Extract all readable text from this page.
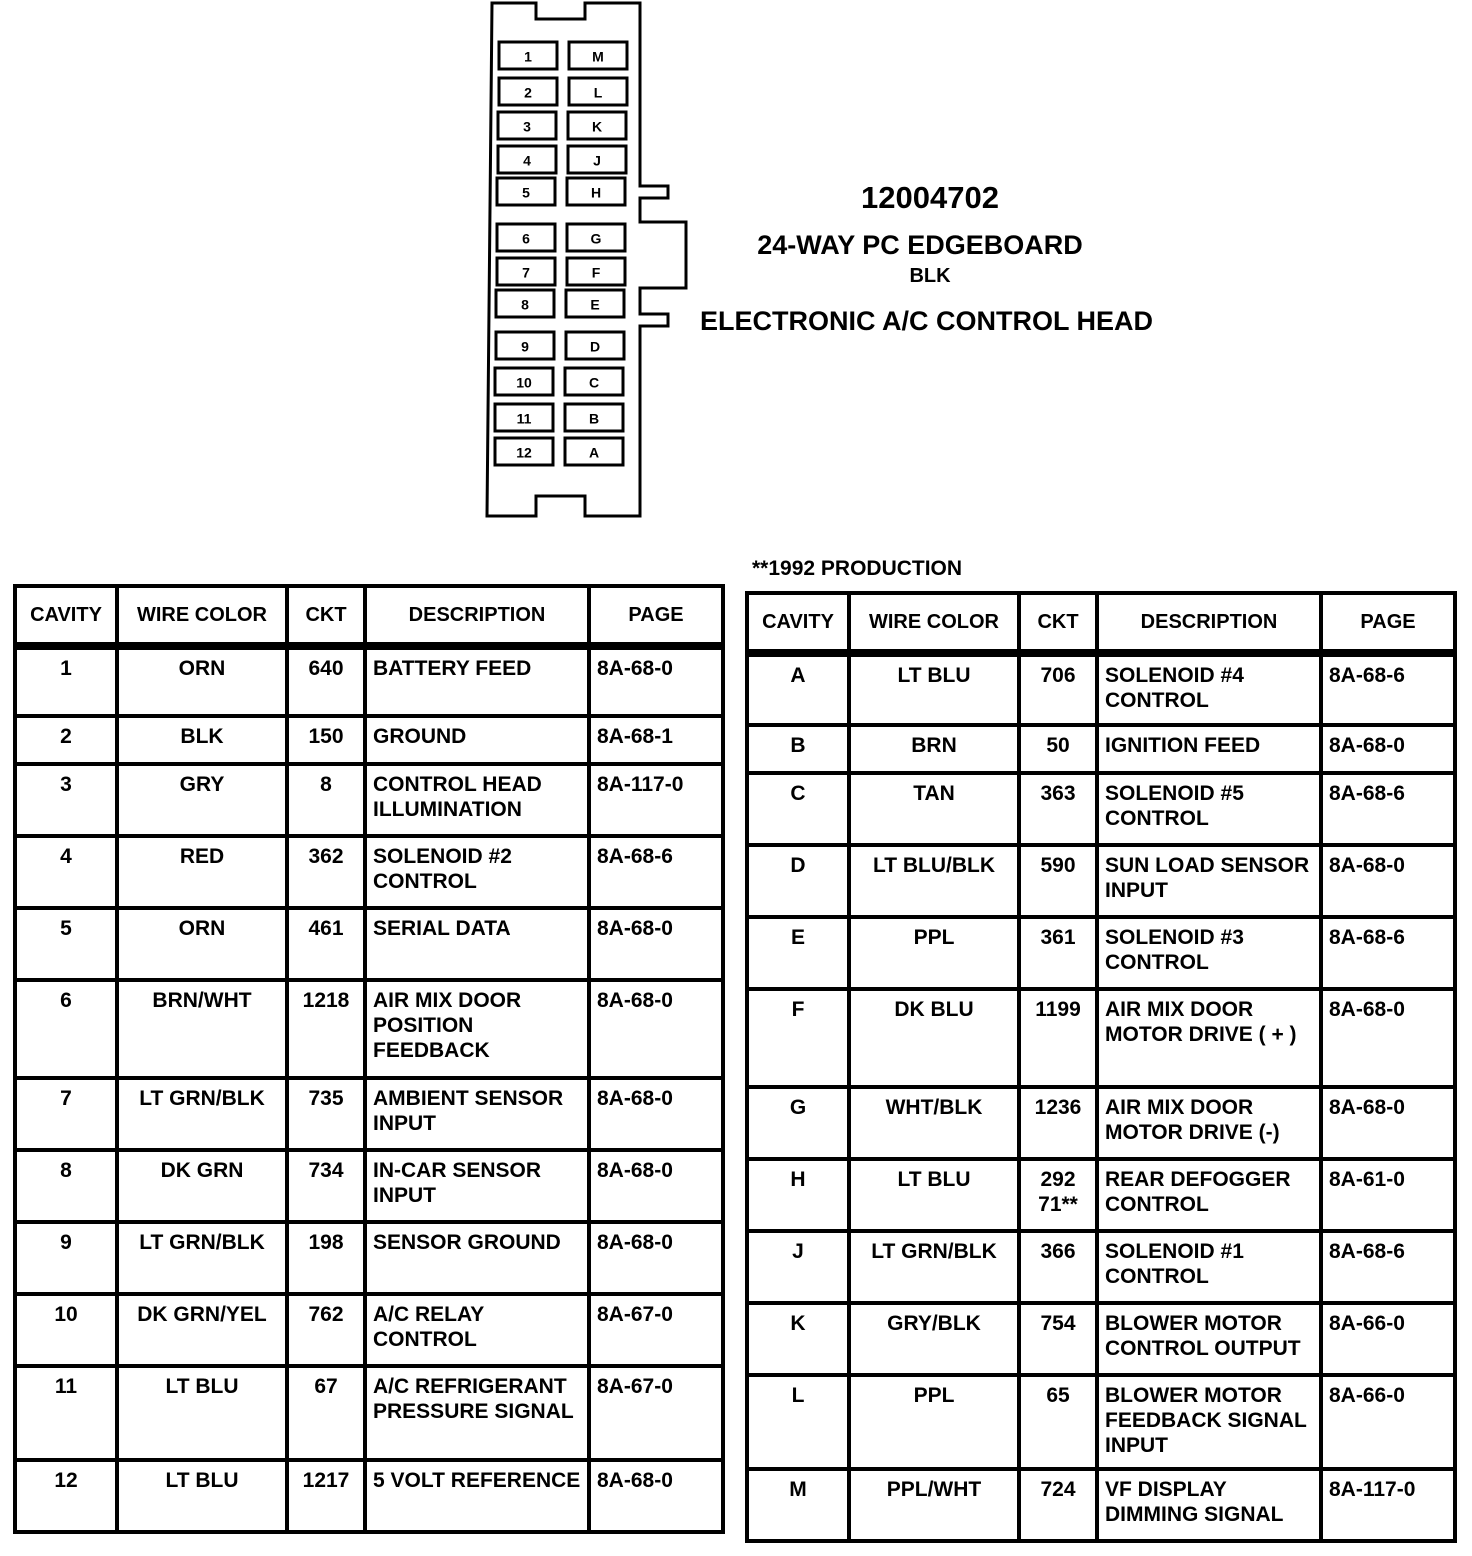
1	M
2	L
3	K
4	J
5	H
6	G
7	F
8	E
9	D
10	C
11	B
12	A
12004702
24-WAY PC EDGEBOARD
BLK
ELECTRONIC A/C CONTROL HEAD
**1992 PRODUCTION
CAVITY	WIRE COLOR	CKT	DESCRIPTION	PAGE
1	ORN	640	BATTERY FEED	8A-68-0
2	BLK	150	GROUND	8A-68-1
3	GRY	8	CONTROL HEAD
ILLUMINATION	8A-117-0
4	RED	362	SOLENOID #2
CONTROL	8A-68-6
5	ORN	461	SERIAL DATA	8A-68-0
6	BRN/WHT	1218	AIR MIX DOOR
POSITION
FEEDBACK	8A-68-0
7	LT GRN/BLK	735	AMBIENT SENSOR
INPUT	8A-68-0
8	DK GRN	734	IN-CAR SENSOR
INPUT	8A-68-0
9	LT GRN/BLK	198	SENSOR GROUND	8A-68-0
10	DK GRN/YEL	762	A/C RELAY
CONTROL	8A-67-0
11	LT BLU	67	A/C REFRIGERANT
PRESSURE SIGNAL	8A-67-0
12	LT BLU	1217	5 VOLT REFERENCE	8A-68-0
CAVITY	WIRE COLOR	CKT	DESCRIPTION	PAGE
A	LT BLU	706	SOLENOID #4
CONTROL	8A-68-6
B	BRN	50	IGNITION FEED	8A-68-0
C	TAN	363	SOLENOID #5
CONTROL	8A-68-6
D	LT BLU/BLK	590	SUN LOAD SENSOR
INPUT	8A-68-0
E	PPL	361	SOLENOID #3
CONTROL	8A-68-6
F	DK BLU	1199	AIR MIX DOOR
MOTOR DRIVE ( + )	8A-68-0
G	WHT/BLK	1236	AIR MIX DOOR
MOTOR DRIVE (-)	8A-68-0
H	LT BLU	292
71**	REAR DEFOGGER
CONTROL	8A-61-0
J	LT GRN/BLK	366	SOLENOID #1
CONTROL	8A-68-6
K	GRY/BLK	754	BLOWER MOTOR
CONTROL OUTPUT	8A-66-0
L	PPL	65	BLOWER MOTOR
FEEDBACK SIGNAL
INPUT	8A-66-0
M	PPL/WHT	724	VF DISPLAY
DIMMING SIGNAL	8A-117-0
